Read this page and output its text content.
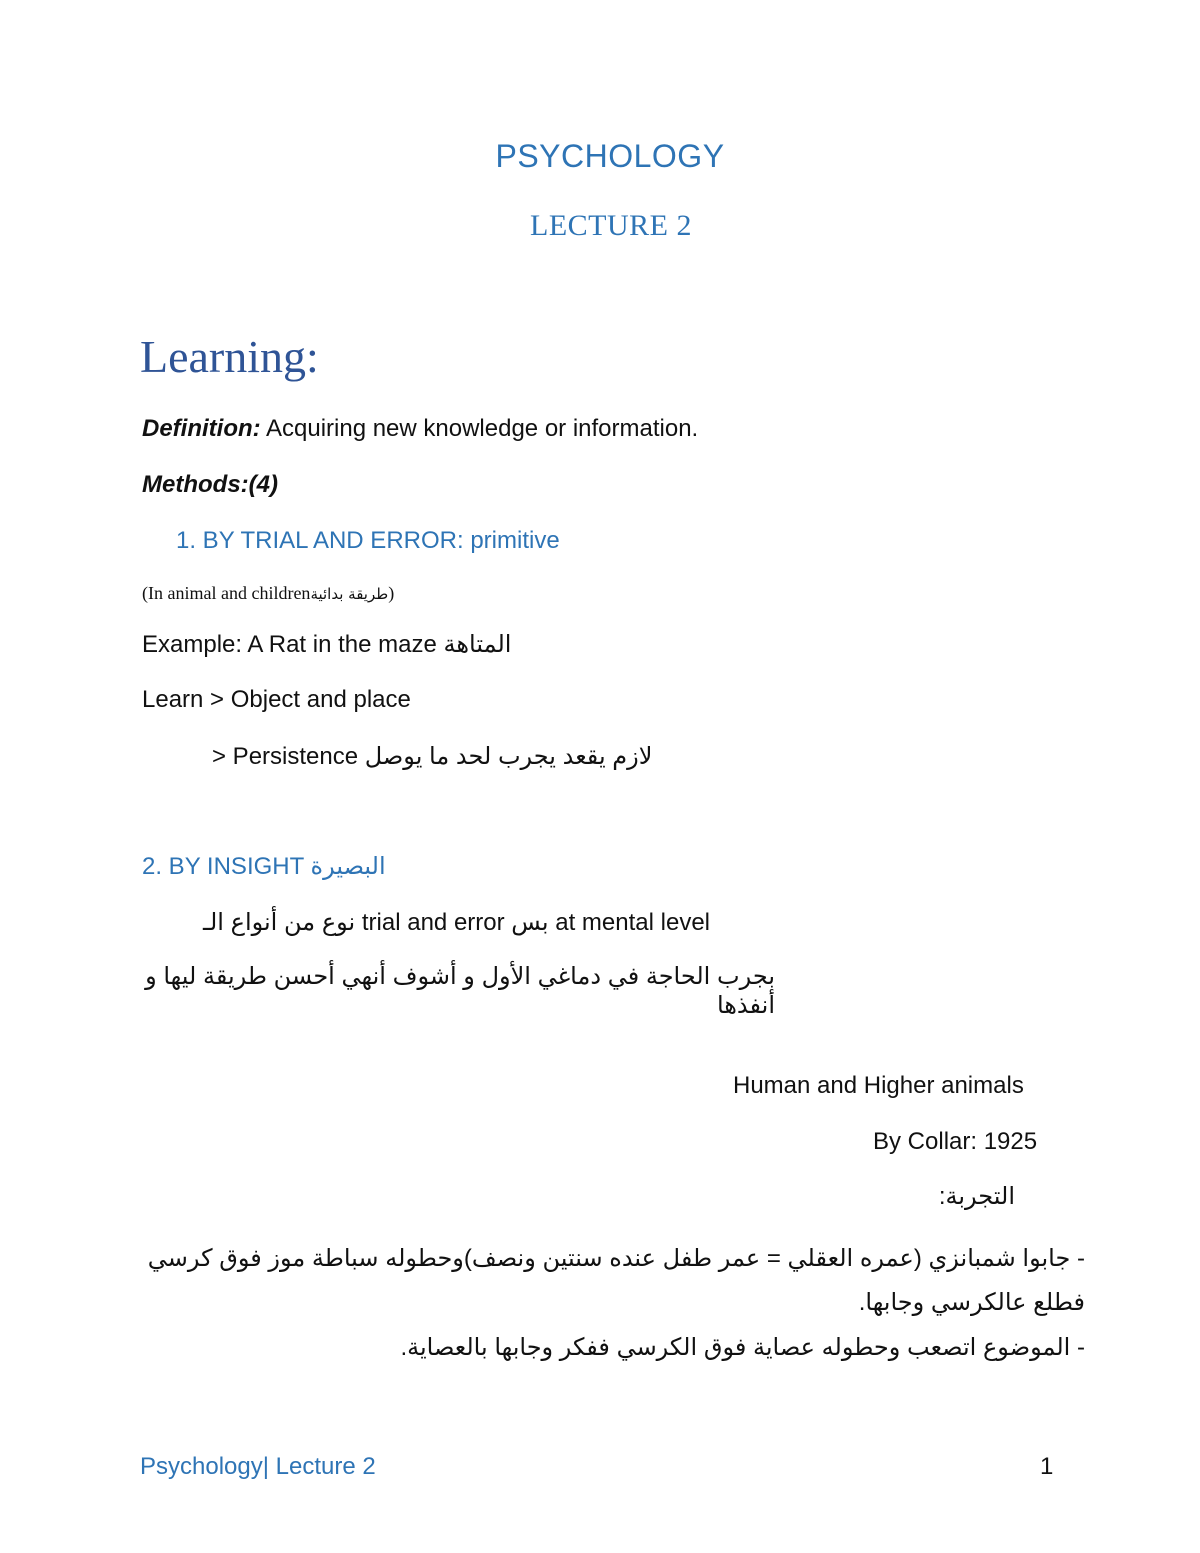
PSYCHOLOGY
LECTURE 2
Learning:
Definition: Acquiring new knowledge or information.
Methods:(4)
1. BY TRIAL AND ERROR: primitive
(In animal and childrenطريقة بدائية)
Example: A Rat in the maze المتاهة
Learn > Object and place
> Persistence لازم يقعد يجرب لحد ما يوصل
2. BY INSIGHT البصيرة
at mental level بس trial and error نوع من أنواع الـ
بجرب الحاجة في دماغي الأول و أشوف أنهي أحسن طريقة ليها و أنفذها
Human and Higher animals
By Collar: 1925
التجربة:
- جابوا شمبانزي (عمره العقلي = عمر طفل عنده سنتين ونصف)وحطوله سباطة موز فوق كرسي فطلع عالكرسي وجابها.
- الموضوع اتصعب وحطوله عصاية فوق الكرسي ففكر وجابها بالعصاية.
Psychology| Lecture 2	1
